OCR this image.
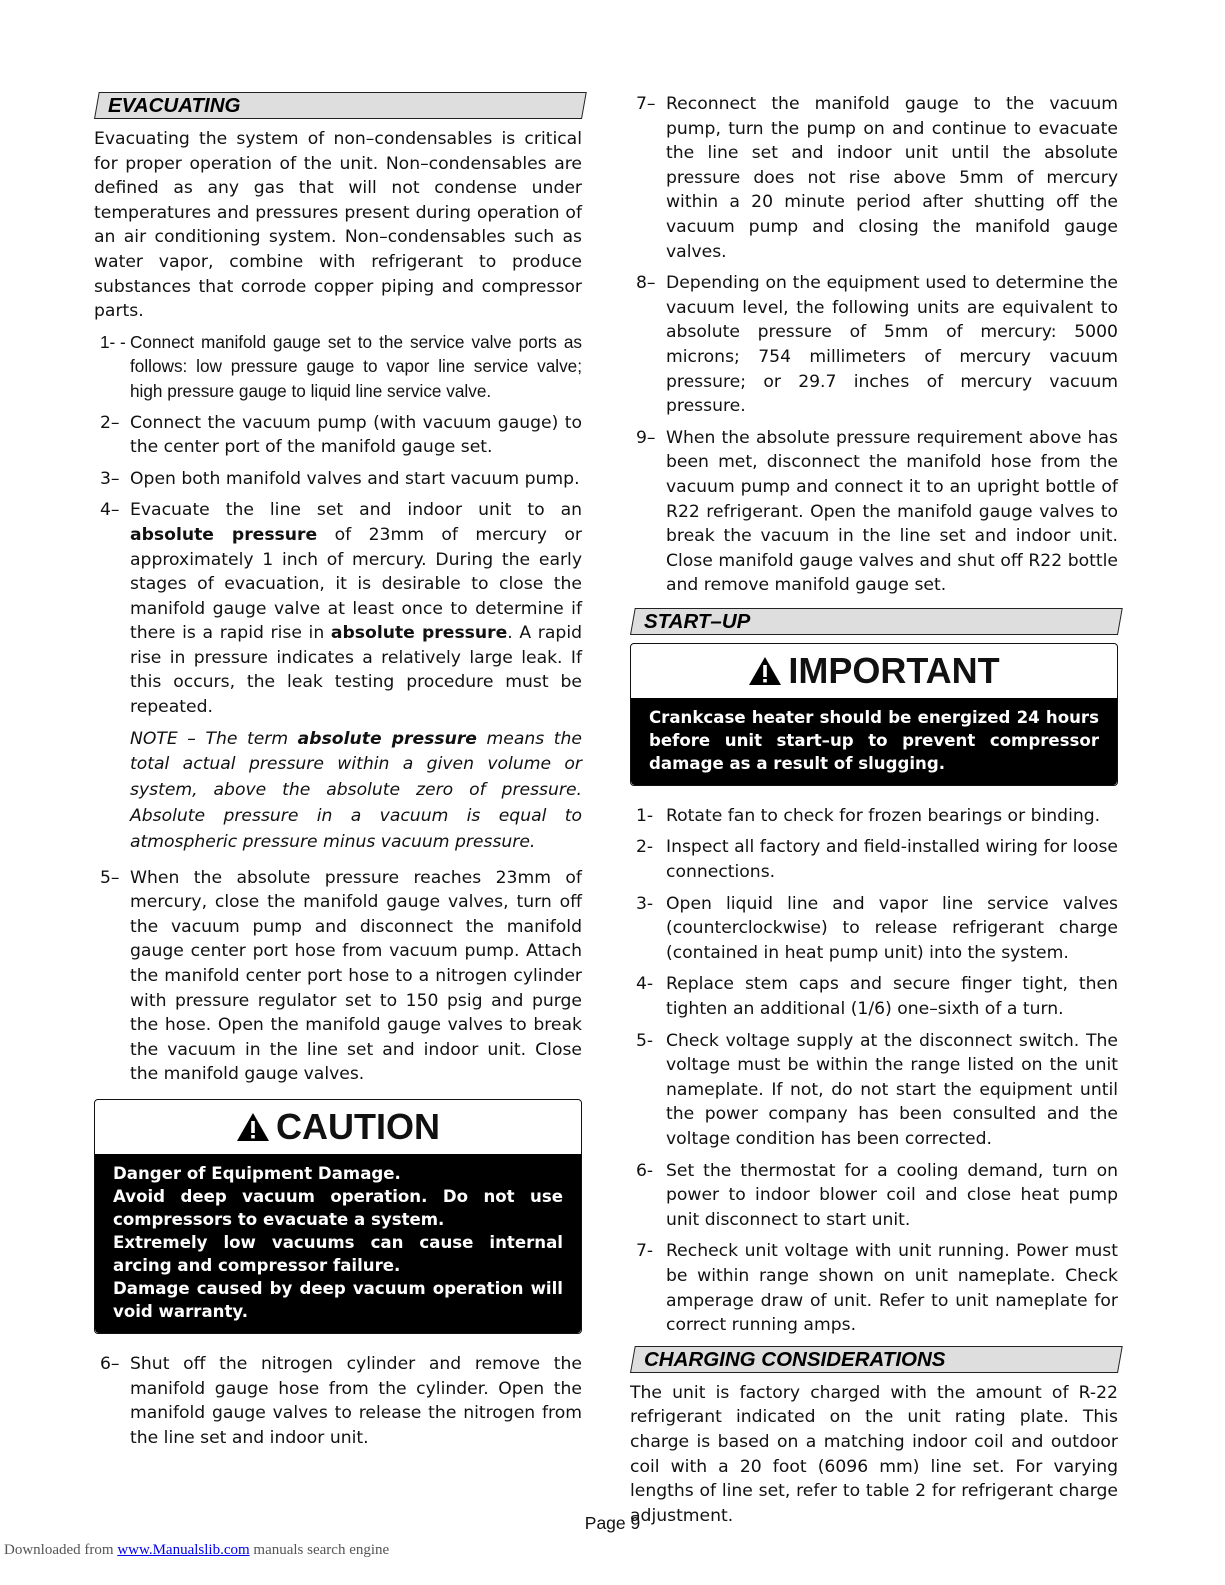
EVACUATING

Evacuating the system of non–condensables is critical for proper operation of the unit. Non–condensables are defined as any gas that will not condense under temperatures and pressures present during operation of an air conditioning system. Non–condensables such as water vapor, combine with refrigerant to produce substances that corrode copper piping and compressor parts.

1- - Connect manifold gauge set to the service valve ports as follows: low pressure gauge to vapor line service valve; high pressure gauge to liquid line service valve.
2– Connect the vacuum pump (with vacuum gauge) to the center port of the manifold gauge set.
3– Open both manifold valves and start vacuum pump.
4– Evacuate the line set and indoor unit to an absolute pressure of 23mm of mercury or approximately 1 inch of mercury. During the early stages of evacuation, it is desirable to close the manifold gauge valve at least once to determine if there is a rapid rise in absolute pressure. A rapid rise in pressure indicates a relatively large leak. If this occurs, the leak testing procedure must be repeated.

NOTE – The term absolute pressure means the total actual pressure within a given volume or system, above the absolute zero of pressure. Absolute pressure in a vacuum is equal to atmospheric pressure minus vacuum pressure.

5– When the absolute pressure reaches 23mm of mercury, close the manifold gauge valves, turn off the vacuum pump and disconnect the manifold gauge center port hose from vacuum pump. Attach the manifold center port hose to a nitrogen cylinder with pressure regulator set to 150 psig and purge the hose. Open the manifold gauge valves to break the vacuum in the line set and indoor unit. Close the manifold gauge valves.
CAUTION
Danger of Equipment Damage.
Avoid deep vacuum operation. Do not use compressors to evacuate a system.
Extremely low vacuums can cause internal arcing and compressor failure.
Damage caused by deep vacuum operation will void warranty.
6– Shut off the nitrogen cylinder and remove the manifold gauge hose from the cylinder. Open the manifold gauge valves to release the nitrogen from the line set and indoor unit.
7– Reconnect the manifold gauge to the vacuum pump, turn the pump on and continue to evacuate the line set and indoor unit until the absolute pressure does not rise above 5mm of mercury within a 20 minute period after shutting off the vacuum pump and closing the manifold gauge valves.
8– Depending on the equipment used to determine the vacuum level, the following units are equivalent to absolute pressure of 5mm of mercury: 5000 microns; 754 millimeters of mercury vacuum pressure; or 29.7 inches of mercury vacuum pressure.
9– When the absolute pressure requirement above has been met, disconnect the manifold hose from the vacuum pump and connect it to an upright bottle of R22 refrigerant. Open the manifold gauge valves to break the vacuum in the line set and indoor unit. Close manifold gauge valves and shut off R22 bottle and remove manifold gauge set.
START–UP
IMPORTANT
Crankcase heater should be energized 24 hours before unit start–up to prevent compressor damage as a result of slugging.
1- Rotate fan to check for frozen bearings or binding.
2- Inspect all factory and field-installed wiring for loose connections.
3- Open liquid line and vapor line service valves (counterclockwise) to release refrigerant charge (contained in heat pump unit) into the system.
4- Replace stem caps and secure finger tight, then tighten an additional (1/6) one–sixth of a turn.
5- Check voltage supply at the disconnect switch. The voltage must be within the range listed on the unit nameplate. If not, do not start the equipment until the power company has been consulted and the voltage condition has been corrected.
6- Set the thermostat for a cooling demand, turn on power to indoor blower coil and close heat pump unit disconnect to start unit.
7- Recheck unit voltage with unit running. Power must be within range shown on unit nameplate. Check amperage draw of unit. Refer to unit nameplate for correct running amps.
CHARGING CONSIDERATIONS

The unit is factory charged with the amount of R-22 refrigerant indicated on the unit rating plate. This charge is based on a matching indoor coil and outdoor coil with a 20 foot (6096 mm) line set. For varying lengths of line set, refer to table 2 for refrigerant charge adjustment.

Page 9
Downloaded from www.Manualslib.com manuals search engine
